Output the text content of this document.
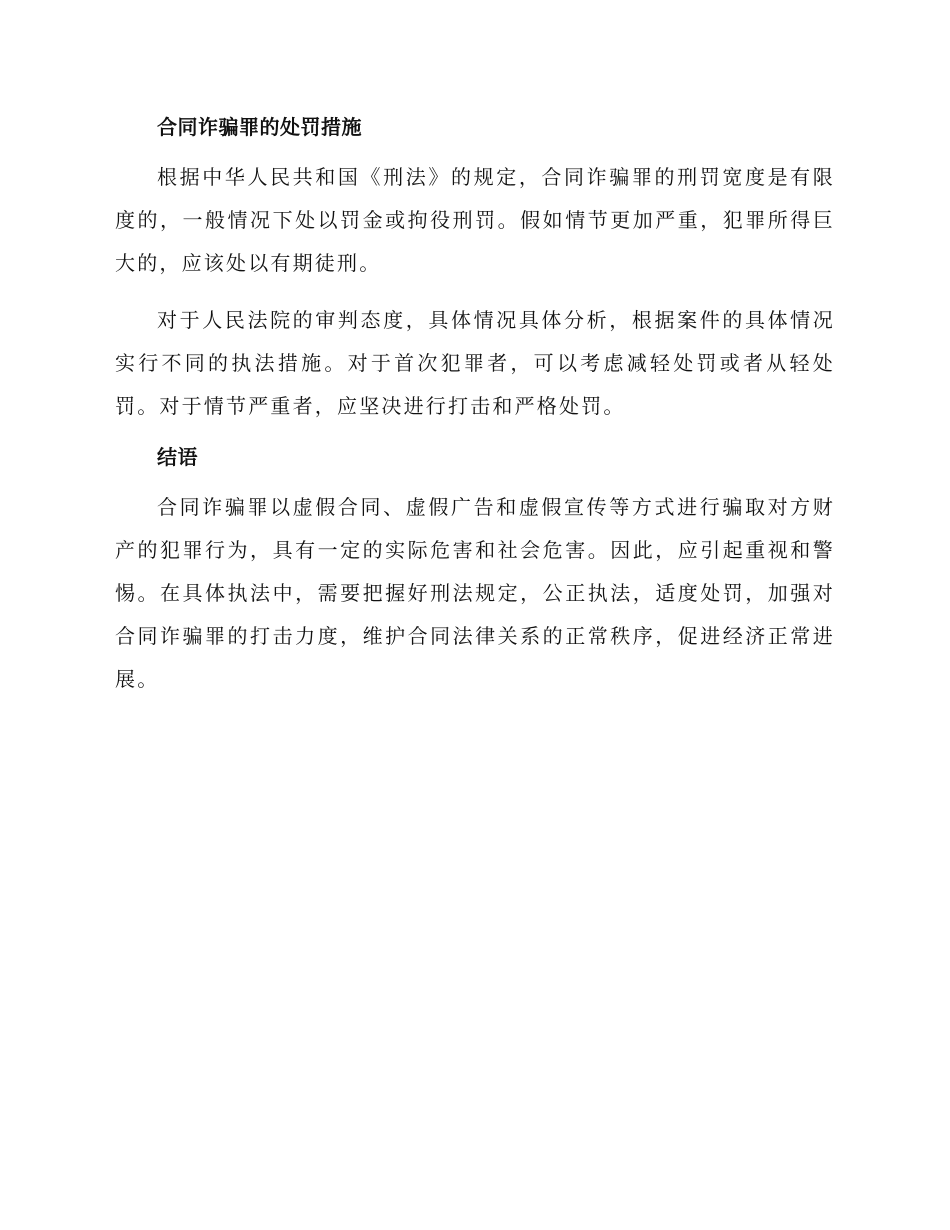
合同诈骗罪的处罚措施

根据中华人民共和国《刑法》的规定，合同诈骗罪的刑罚宽度是有限度的，一般情况下处以罚金或拘役刑罚。假如情节更加严重，犯罪所得巨大的，应该处以有期徒刑。

对于人民法院的审判态度，具体情况具体分析，根据案件的具体情况实行不同的执法措施。对于首次犯罪者，可以考虑减轻处罚或者从轻处罚。对于情节严重者，应坚决进行打击和严格处罚。

结语

合同诈骗罪以虚假合同、虚假广告和虚假宣传等方式进行骗取对方财产的犯罪行为，具有一定的实际危害和社会危害。因此，应引起重视和警惕。在具体执法中，需要把握好刑法规定，公正执法，适度处罚，加强对合同诈骗罪的打击力度，维护合同法律关系的正常秩序，促进经济正常进展。
